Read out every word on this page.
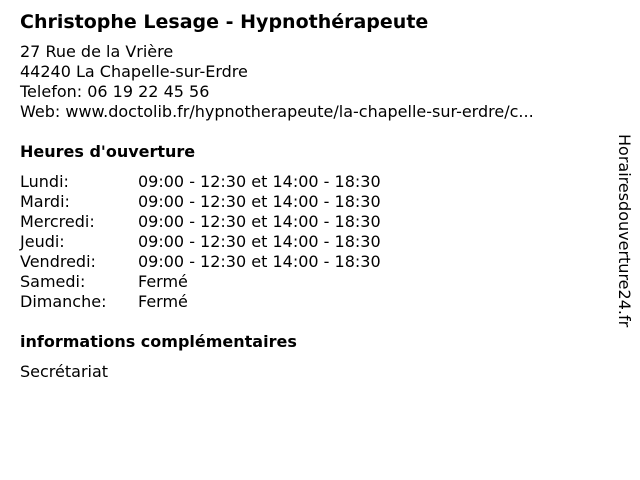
Christophe Lesage - Hypnothérapeute
27 Rue de la Vrière
44240 La Chapelle-sur-Erdre
Telefon: 06 19 22 45 56
Web: www.doctolib.fr/hypnotherapeute/la-chapelle-sur-erdre/c...
Heures d'ouverture
Lundi:	09:00 - 12:30 et 14:00 - 18:30
Mardi:	09:00 - 12:30 et 14:00 - 18:30
Mercredi:	09:00 - 12:30 et 14:00 - 18:30
Jeudi:	09:00 - 12:30 et 14:00 - 18:30
Vendredi:	09:00 - 12:30 et 14:00 - 18:30
Samedi:	Fermé
Dimanche:	Fermé
informations complémentaires
Secrétariat
Horairesdouverture24.fr
